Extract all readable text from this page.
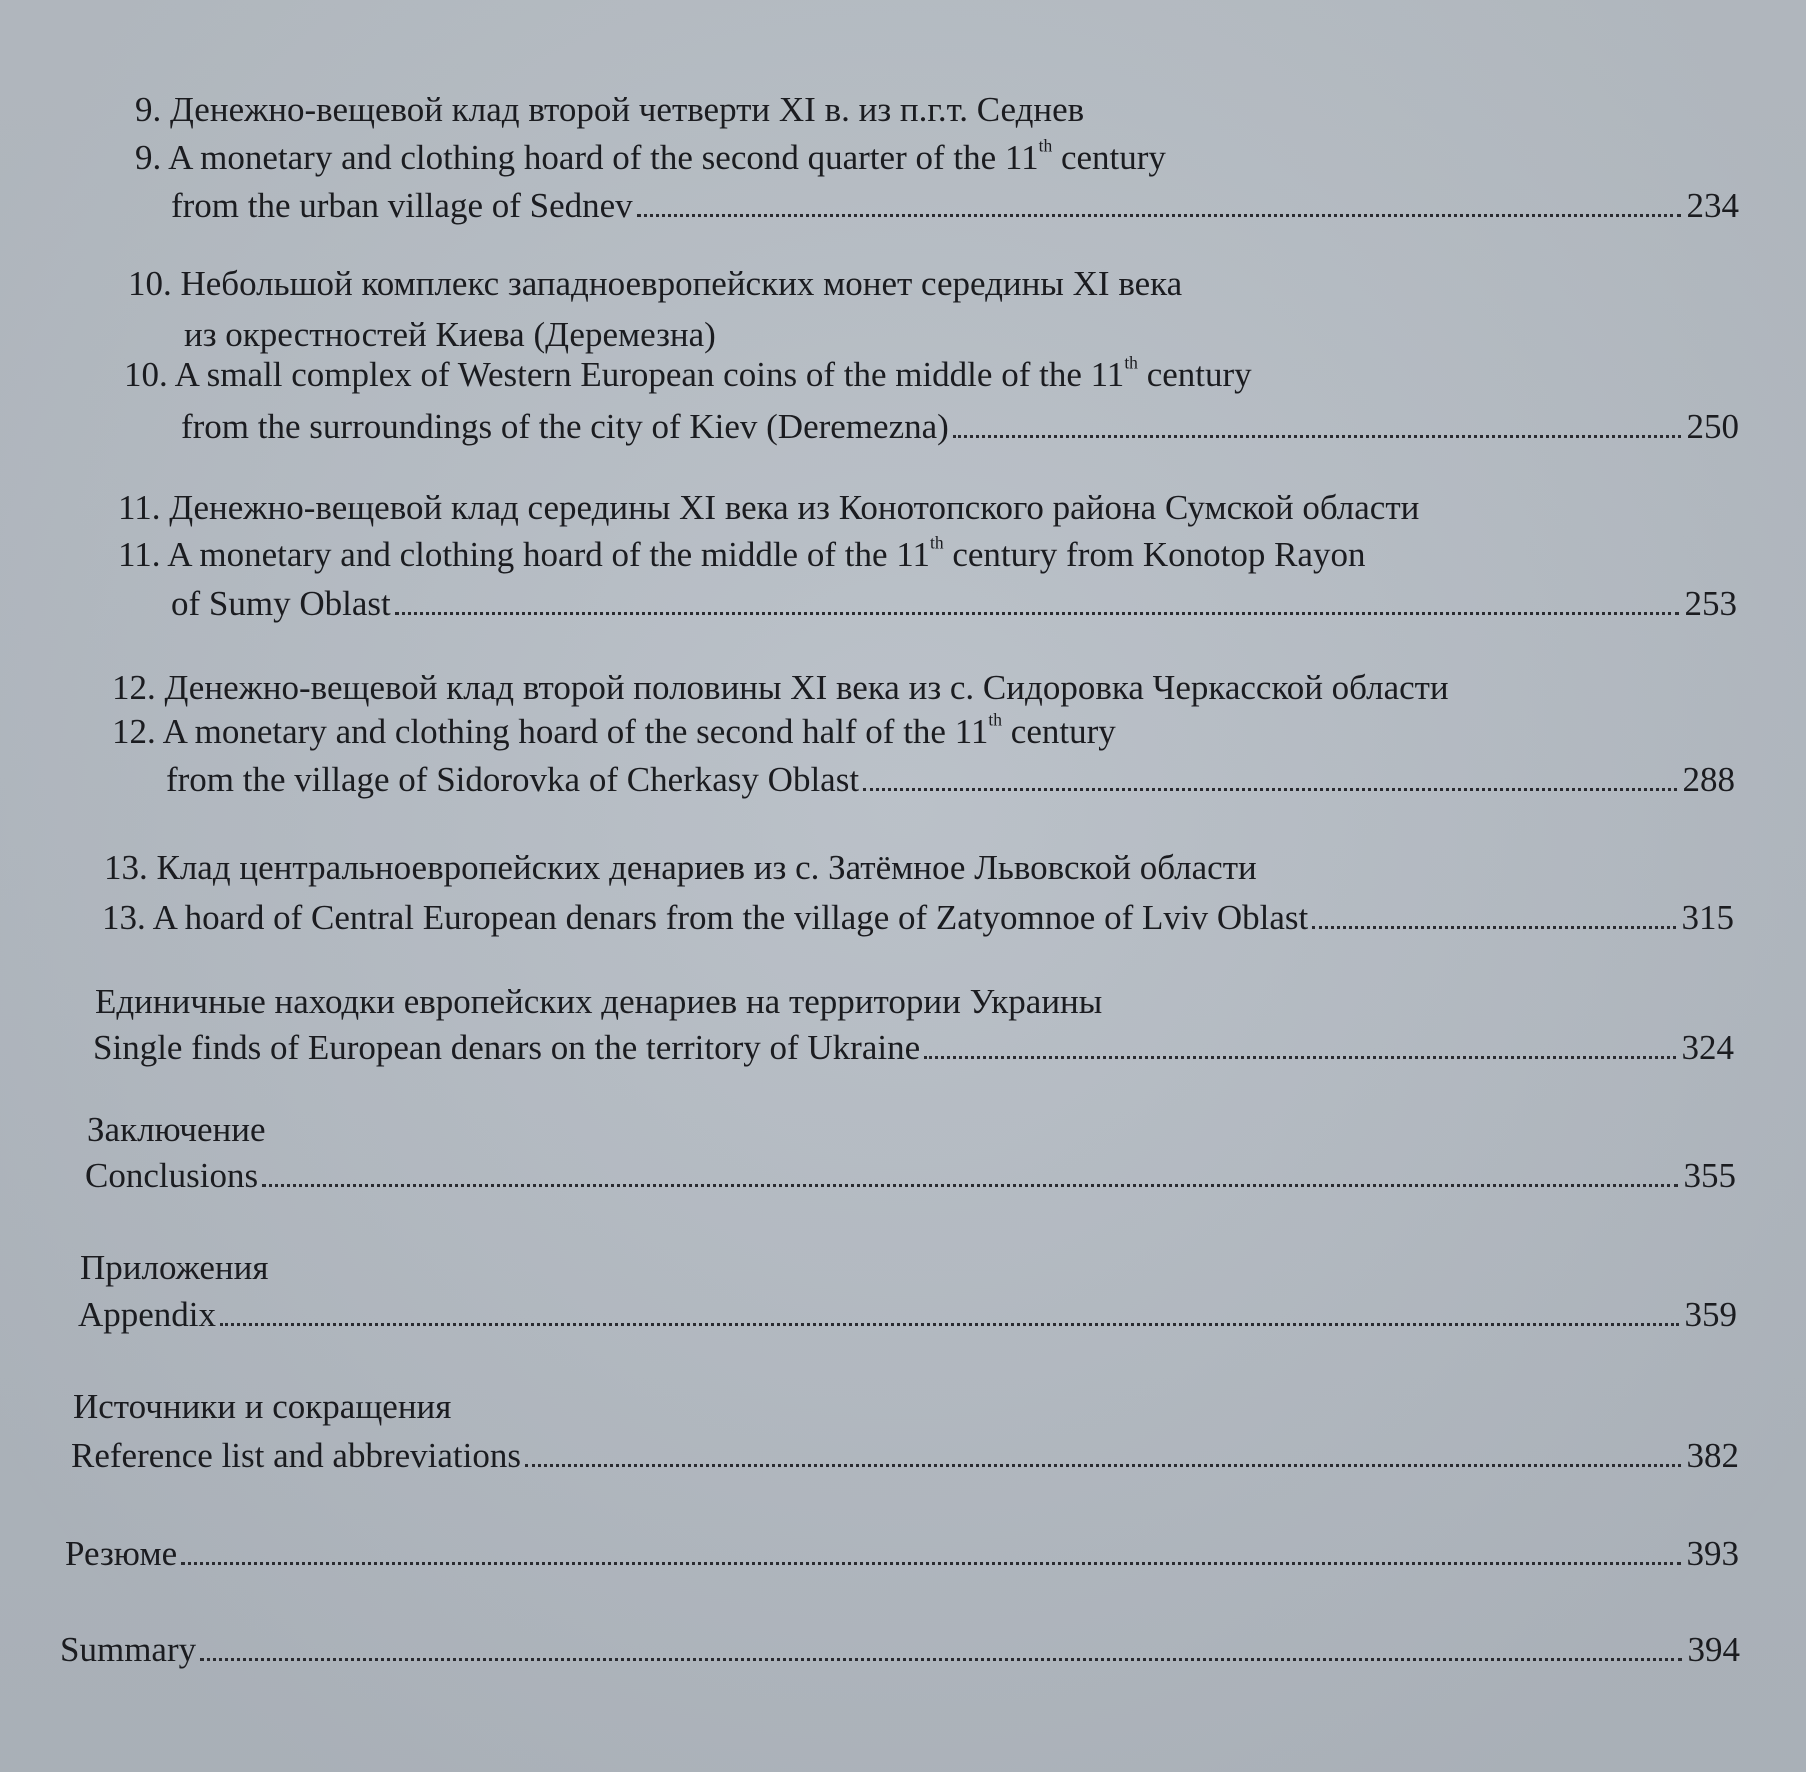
9. Денежно-вещевой клад второй четверти XI в. из п.г.т. Седнев
9. A monetary and clothing hoard of the second quarter of the 11th century
from the urban village of Sednev	234
10. Небольшой комплекс западноевропейских монет середины XI века
из окрестностей Киева (Деремезна)
10. A small complex of Western European coins of the middle of the 11th century
from the surroundings of the city of Kiev (Deremezna)	250
11. Денежно-вещевой клад середины XI века из Конотопского района Сумской области
11. A monetary and clothing hoard of the middle of the 11th century from Konotop Rayon
of Sumy Oblast	253
12. Денежно-вещевой клад второй половины XI века из с. Сидоровка Черкасской области
12. A monetary and clothing hoard of the second half of the 11th century
from the village of Sidorovka of Cherkasy Oblast	288
13. Клад центральноевропейских денариев из с. Затёмное Львовской области
13. A hoard of Central European denars from the village of Zatyomnoe of Lviv Oblast	315
Единичные находки европейских денариев на территории Украины
Single finds of European denars on the territory of Ukraine	324
Заключение
Conclusions	355
Приложения
Appendix	359
Источники и сокращения
Reference list and abbreviations	382
Резюме	393
Summary	394
